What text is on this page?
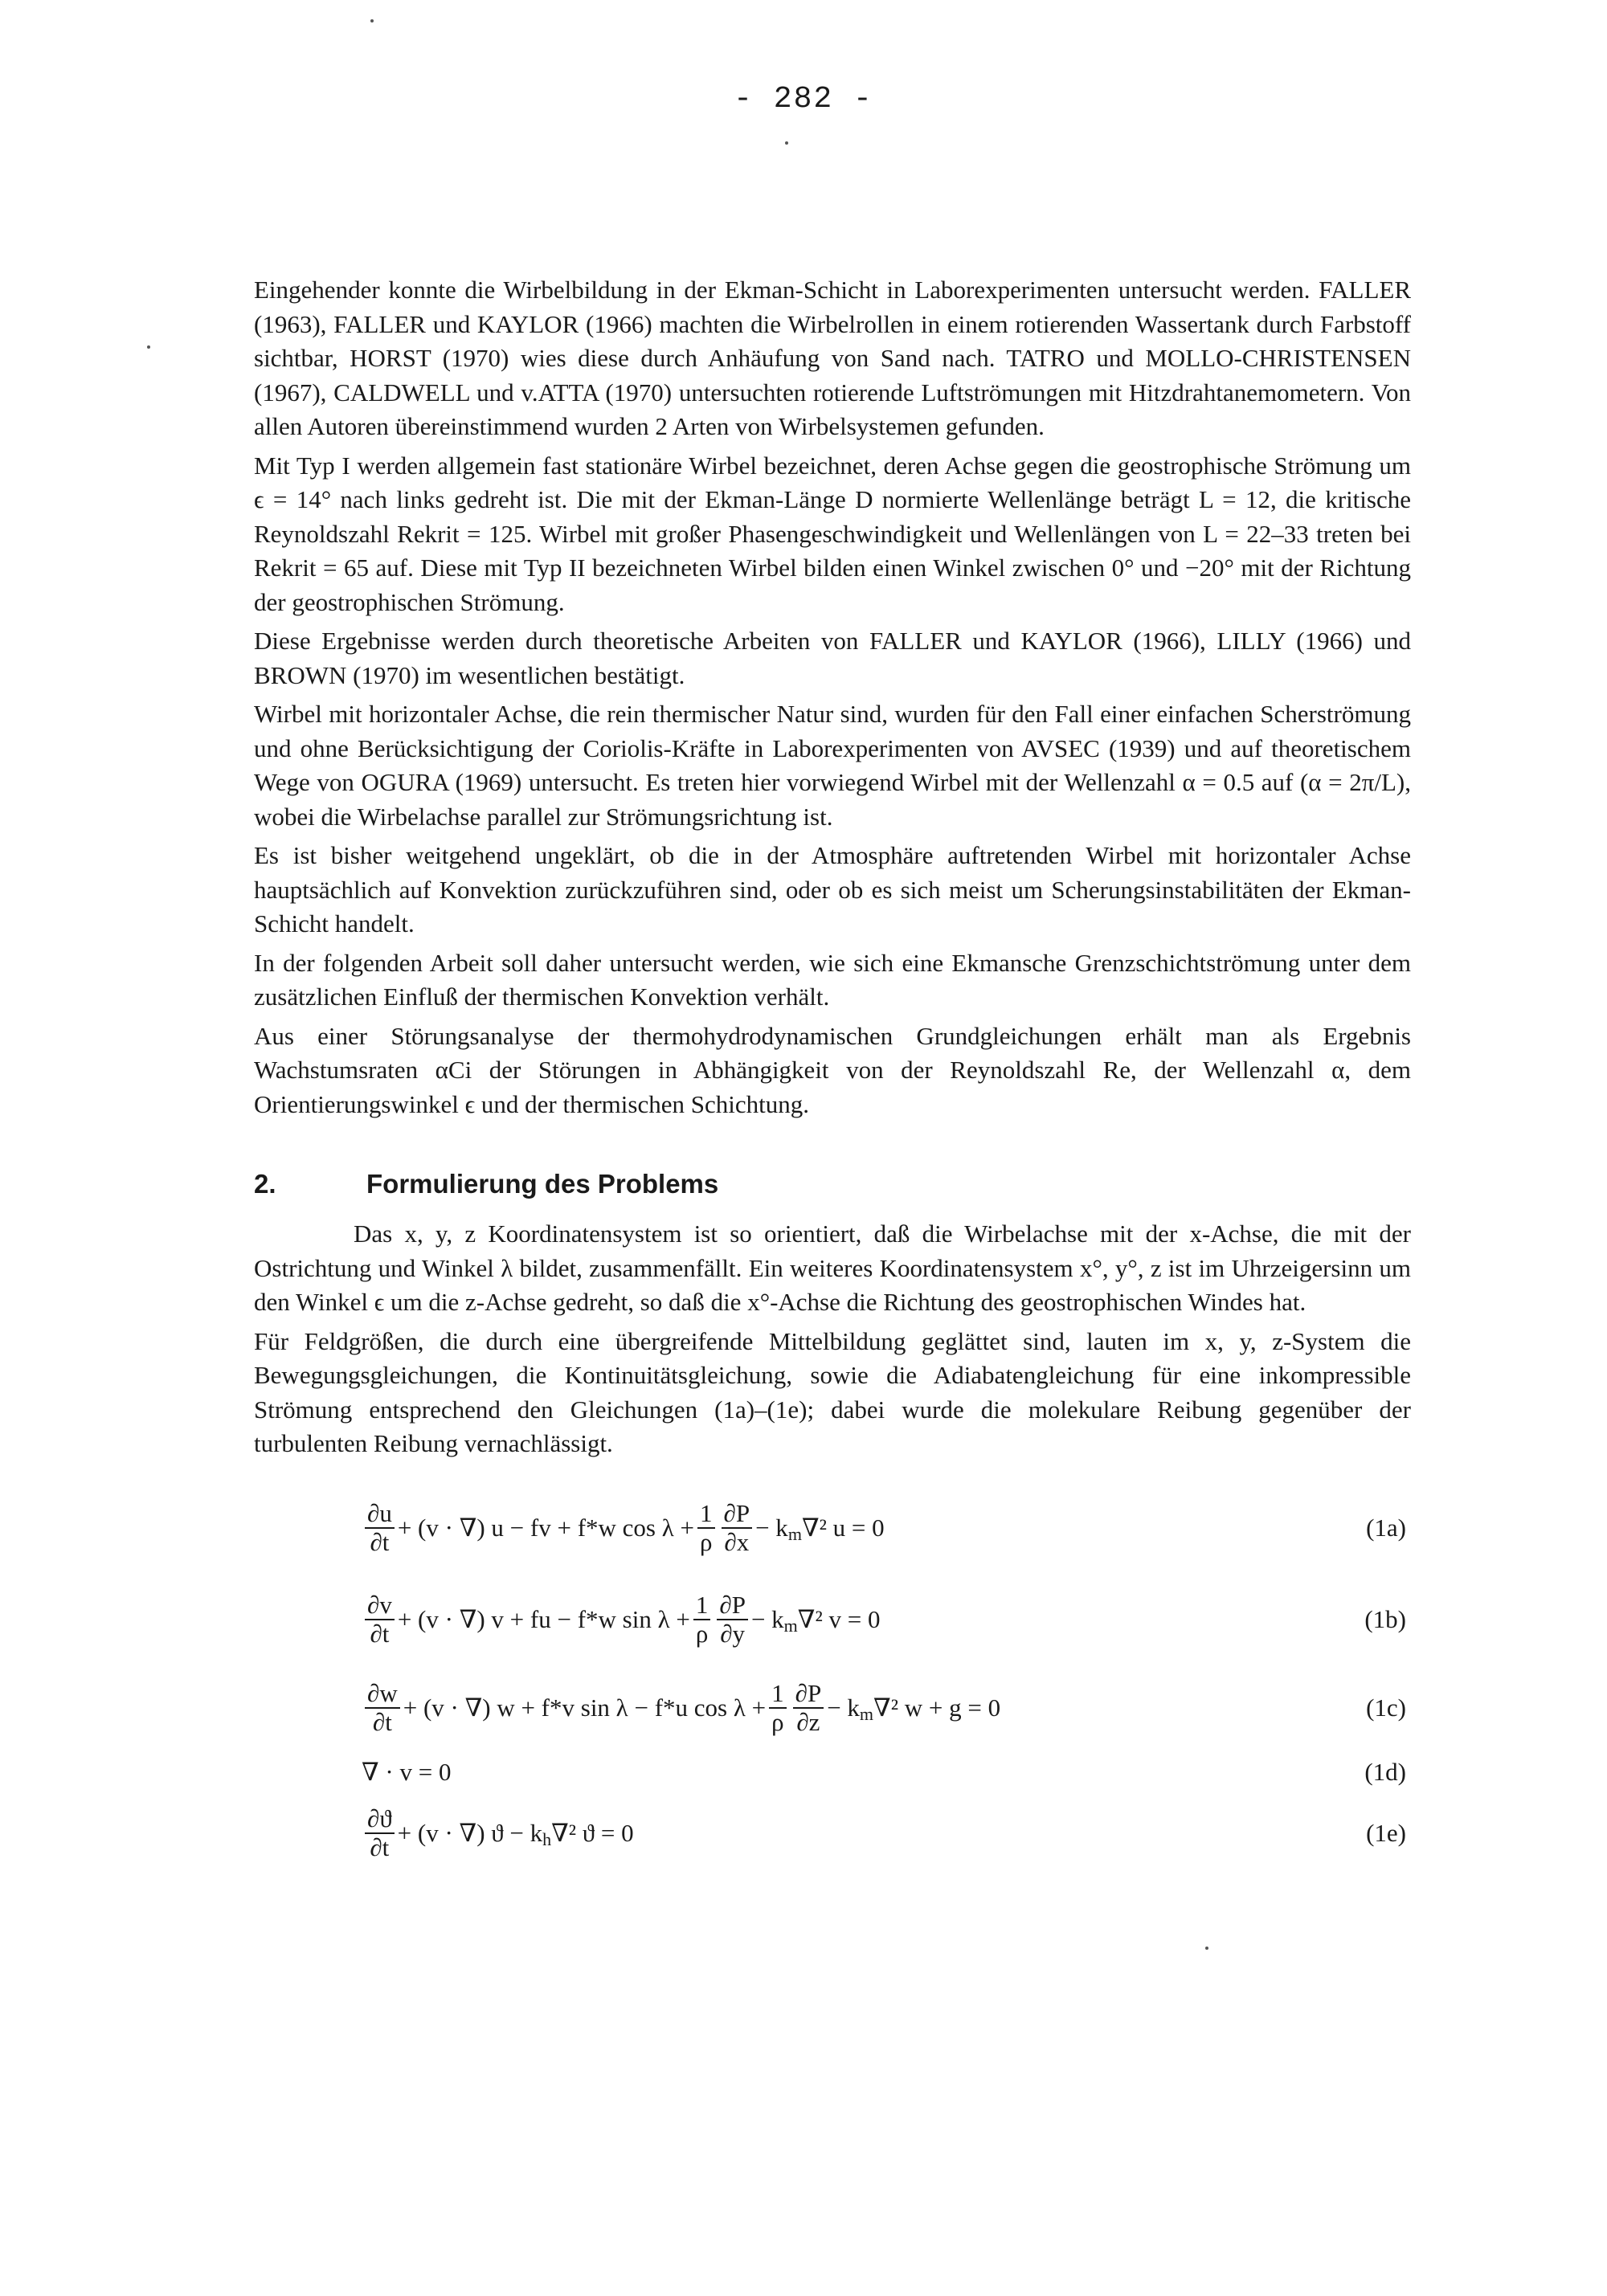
- 282 -

Eingehender konnte die Wirbelbildung in der Ekman-Schicht in Laborexperimenten untersucht werden. FALLER (1963), FALLER und KAYLOR (1966) machten die Wirbelrollen in einem rotierenden Wassertank durch Farbstoff sichtbar, HORST (1970) wies diese durch Anhäufung von Sand nach. TATRO und MOLLO-CHRISTENSEN (1967), CALDWELL und v.ATTA (1970) untersuchten rotierende Luftströmungen mit Hitzdrahtanemometern. Von allen Autoren übereinstimmend wurden 2 Arten von Wirbelsystemen gefunden.

Mit Typ I werden allgemein fast stationäre Wirbel bezeichnet, deren Achse gegen die geostrophische Strömung um ϵ = 14° nach links gedreht ist. Die mit der Ekman-Länge D normierte Wellenlänge beträgt L = 12, die kritische Reynoldszahl Rekrit = 125. Wirbel mit großer Phasengeschwindigkeit und Wellenlängen von L = 22–33 treten bei Rekrit = 65 auf. Diese mit Typ II bezeichneten Wirbel bilden einen Winkel zwischen 0° und −20° mit der Richtung der geostrophischen Strömung.

Diese Ergebnisse werden durch theoretische Arbeiten von FALLER und KAYLOR (1966), LILLY (1966) und BROWN (1970) im wesentlichen bestätigt.

Wirbel mit horizontaler Achse, die rein thermischer Natur sind, wurden für den Fall einer einfachen Scherströmung und ohne Berücksichtigung der Coriolis-Kräfte in Laborexperimenten von AVSEC (1939) und auf theoretischem Wege von OGURA (1969) untersucht. Es treten hier vorwiegend Wirbel mit der Wellenzahl α = 0.5 auf (α = 2π/L), wobei die Wirbelachse parallel zur Strömungsrichtung ist.

Es ist bisher weitgehend ungeklärt, ob die in der Atmosphäre auftretenden Wirbel mit horizontaler Achse hauptsächlich auf Konvektion zurückzuführen sind, oder ob es sich meist um Scherungsinstabilitäten der Ekman-Schicht handelt.

In der folgenden Arbeit soll daher untersucht werden, wie sich eine Ekmansche Grenzschichtströmung unter dem zusätzlichen Einfluß der thermischen Konvektion verhält.

Aus einer Störungsanalyse der thermohydrodynamischen Grundgleichungen erhält man als Ergebnis Wachstumsraten αCi der Störungen in Abhängigkeit von der Reynoldszahl Re, der Wellenzahl α, dem Orientierungswinkel ϵ und der thermischen Schichtung.

2.	Formulierung des Problems

Das x, y, z Koordinatensystem ist so orientiert, daß die Wirbelachse mit der x-Achse, die mit der Ostrichtung und Winkel λ bildet, zusammenfällt. Ein weiteres Koordinatensystem x°, y°, z ist im Uhrzeigersinn um den Winkel ϵ um die z-Achse gedreht, so daß die x°-Achse die Richtung des geostrophischen Windes hat.

Für Feldgrößen, die durch eine übergreifende Mittelbildung geglättet sind, lauten im x, y, z-System die Bewegungsgleichungen, die Kontinuitätsgleichung, sowie die Adiabatengleichung für eine inkompressible Strömung entsprechend den Gleichungen (1a)–(1e); dabei wurde die molekulare Reibung gegenüber der turbulenten Reibung vernachlässigt.

$\frac{\partial u}{\partial t} + (v$ · ∇) u − fv + f*w $\cos \lambda + \frac{1}{\rho} \frac{\partial P}{\partial x} - k$ m ∇² u = 0	(1a)
$\frac{\partial v}{\partial t} + (v$ · ∇) v + fu − f*w $\sin \lambda + \frac{1}{\rho} \frac{\partial P}{\partial y} - k$ m ∇² v = 0	(1b)
$\frac{\partial w}{\partial t} + (v$ · ∇) w + f*v sin λ − f*u $\cos \lambda + \frac{1}{\rho} \frac{\partial P}{\partial z} - k$ m ∇² w + g = 0	(1c)
∇ · v = 0	(1d)
$\frac{\partial ϑ}{\partial t} + (v$ · ∇) ϑ − k h ∇² ϑ = 0	(1e)
